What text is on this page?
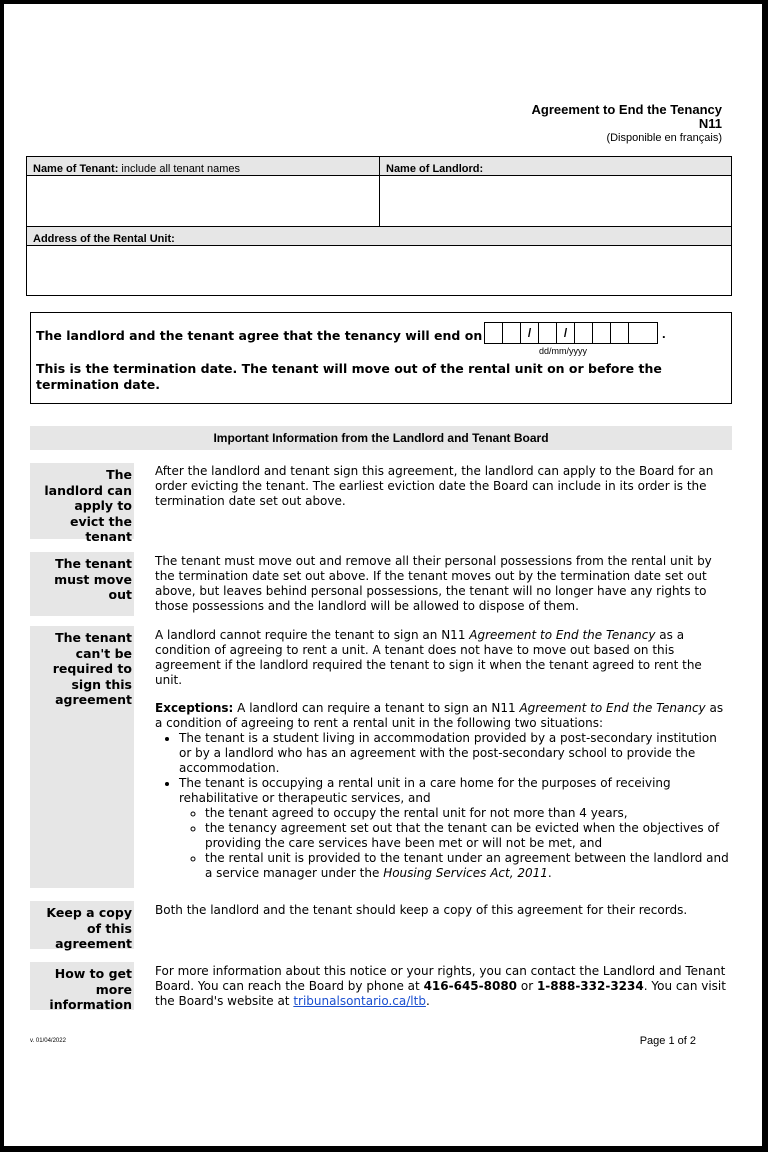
Agreement to End the Tenancy
N11
(Disponible en français)
Name of Tenant: include all tenant names	Name of Landlord:
Address of the Rental Unit:
The landlord and the tenant agree that the tenancy will end on	/	/	.
dd/mm/yyyy
This is the termination date. The tenant will move out of the rental unit on or before the termination date.
Important Information from the Landlord and Tenant Board
The landlord can apply to evict the tenant
After the landlord and tenant sign this agreement, the landlord can apply to the Board for an order evicting the tenant. The earliest eviction date the Board can include in its order is the termination date set out above.
The tenant must move out
The tenant must move out and remove all their personal possessions from the rental unit by the termination date set out above. If the tenant moves out by the termination date set out above, but leaves behind personal possessions, the tenant will no longer have any rights to those possessions and the landlord will be allowed to dispose of them.
The tenant can't be required to sign this agreement

A landlord cannot require the tenant to sign an N11 Agreement to End the Tenancy as a condition of agreeing to rent a unit. A tenant does not have to move out based on this agreement if the landlord required the tenant to sign it when the tenant agreed to rent the unit.

Exceptions: A landlord can require a tenant to sign an N11 Agreement to End the Tenancy as a condition of agreeing to rent a rental unit in the following two situations:

• The tenant is a student living in accommodation provided by a post-secondary institution or by a landlord who has an agreement with the post-secondary school to provide the accommodation.
• The tenant is occupying a rental unit in a care home for the purposes of receiving rehabilitative or therapeutic services, and
◦ the tenant agreed to occupy the rental unit for not more than 4 years,
◦ the tenancy agreement set out that the tenant can be evicted when the objectives of providing the care services have been met or will not be met, and
◦ the rental unit is provided to the tenant under an agreement between the landlord and a service manager under the Housing Services Act, 2011.
Keep a copy of this agreement
Both the landlord and the tenant should keep a copy of this agreement for their records.
How to get more information
For more information about this notice or your rights, you can contact the Landlord and Tenant Board. You can reach the Board by phone at 416-645-8080 or 1-888-332-3234. You can visit the Board's website at tribunalsontario.ca/ltb.
v. 01/04/2022	Page 1 of 2
